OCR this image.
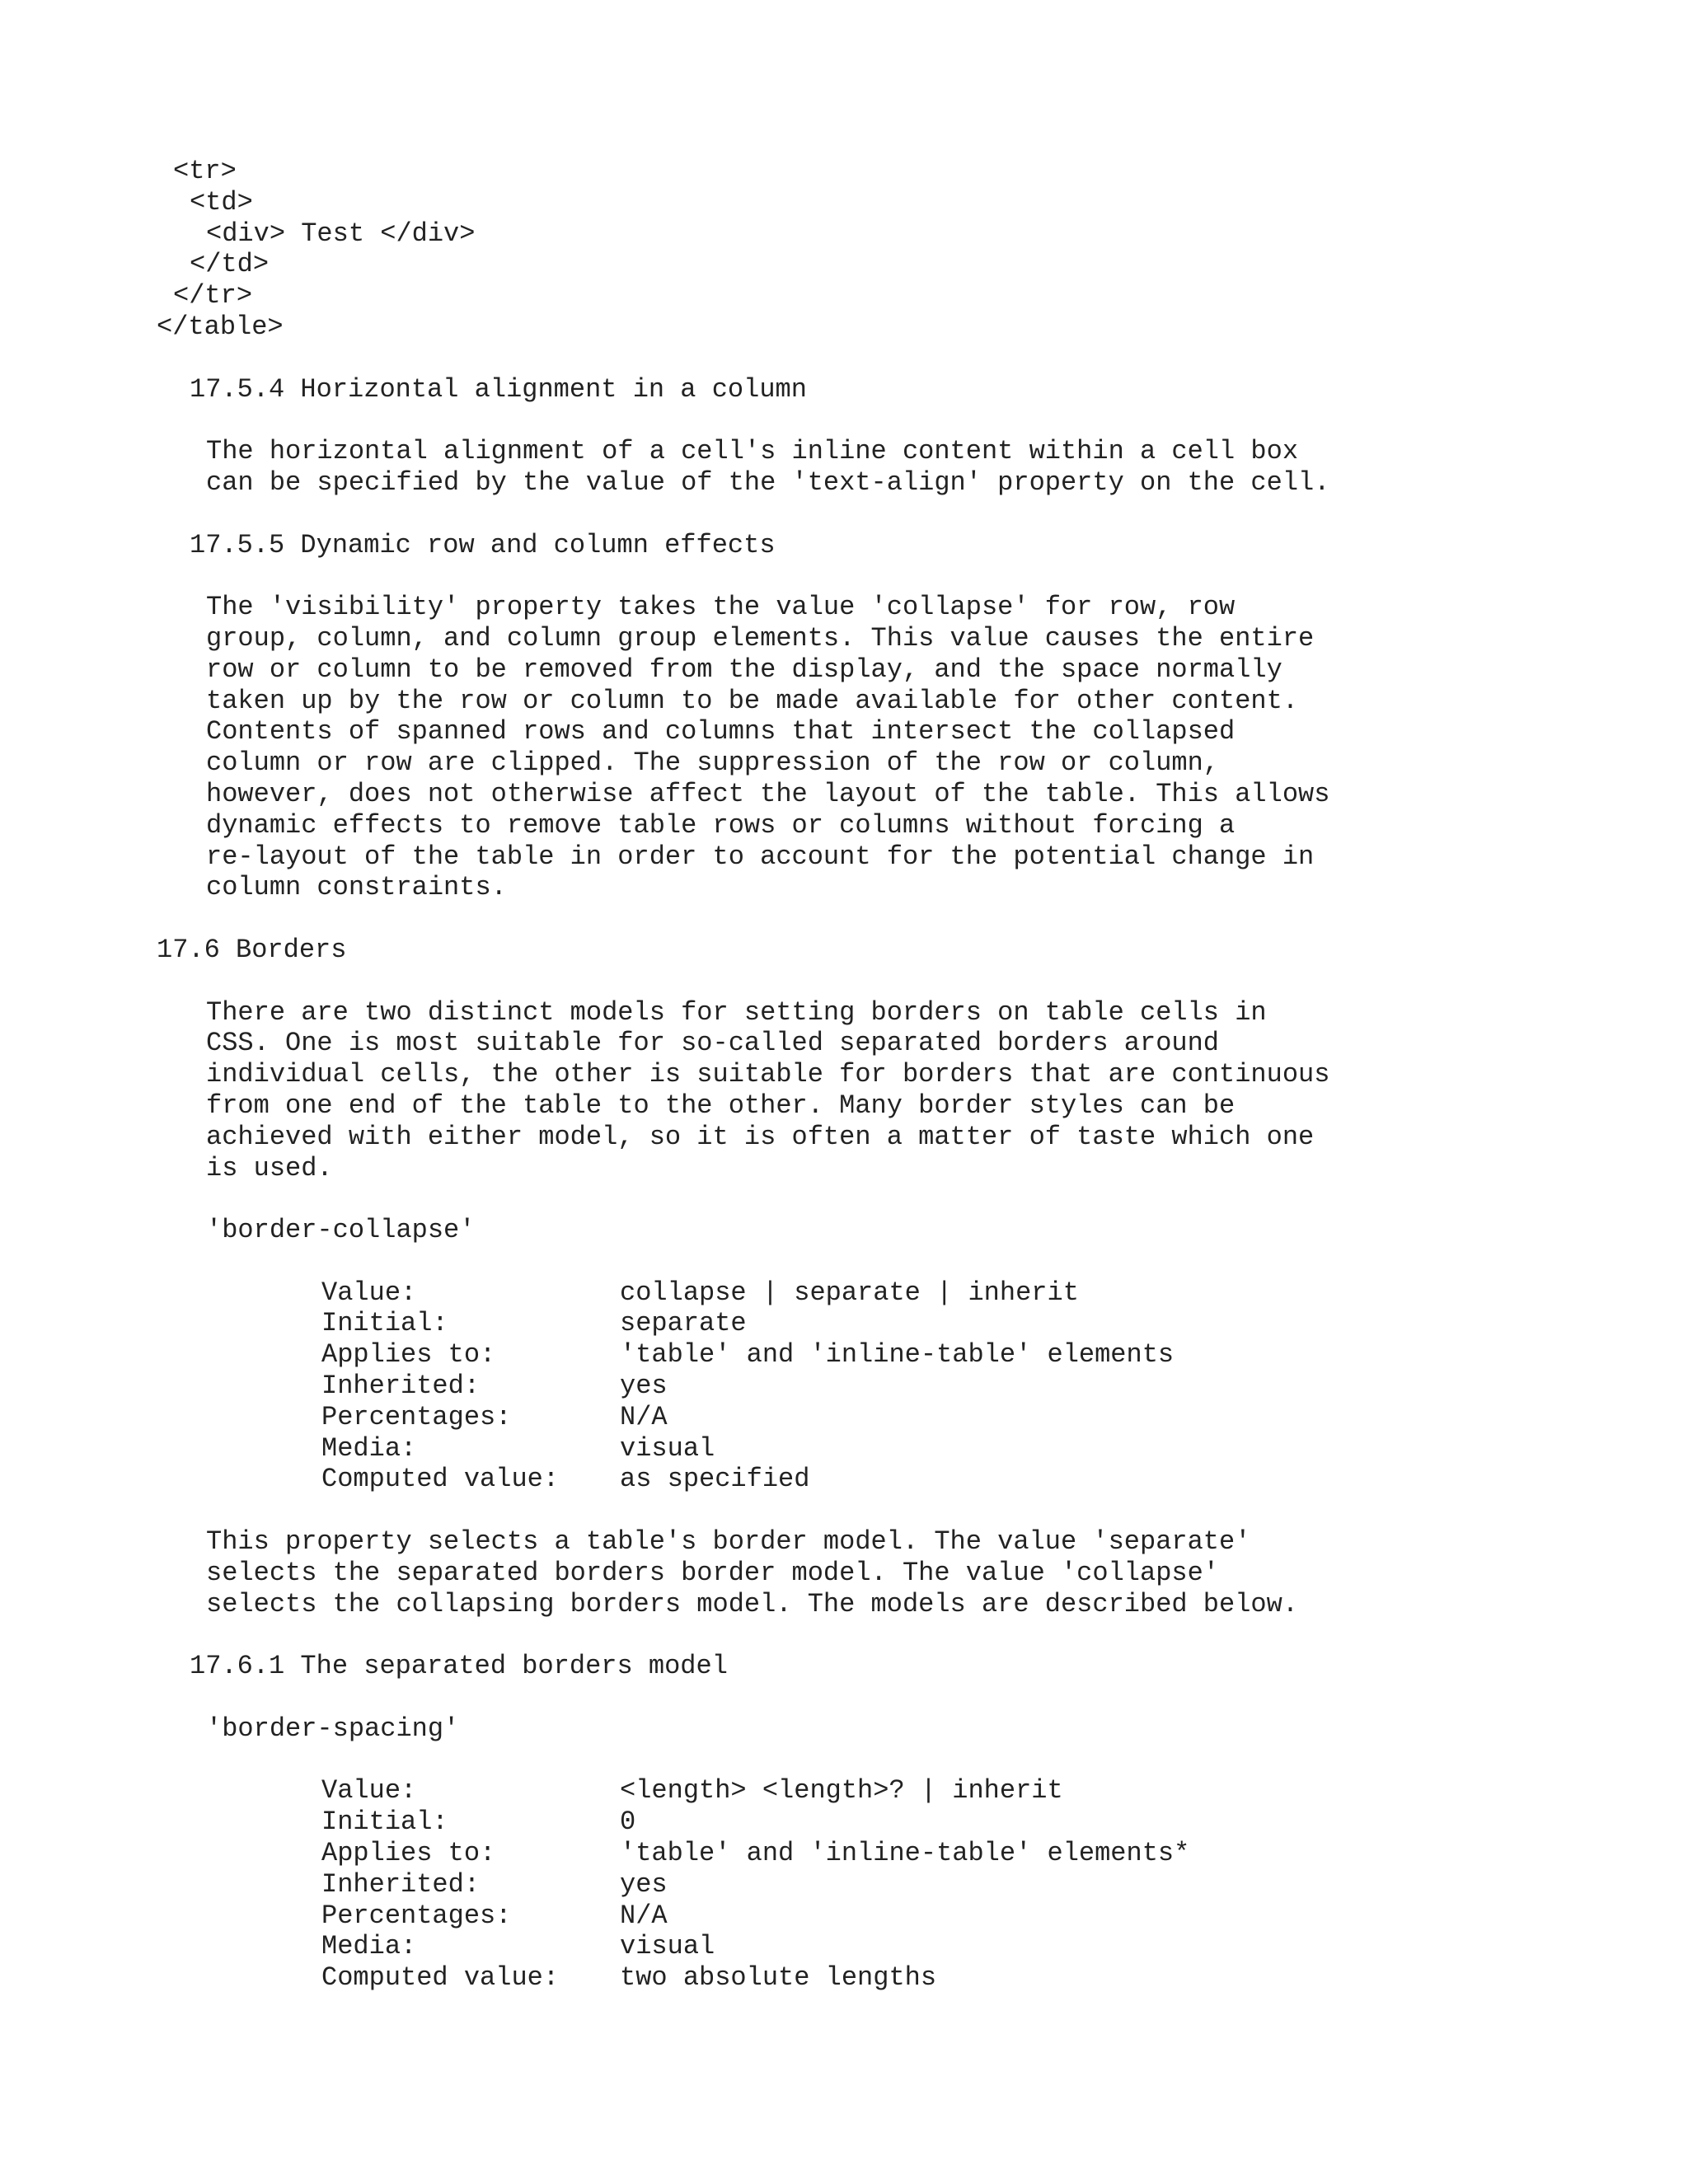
<tr>
<td>
<div> Test </div>
</td>
</tr>
</table>
17.5.4 Horizontal alignment in a column
The horizontal alignment of a cell's inline content within a cell box
can be specified by the value of the 'text-align' property on the cell.
17.5.5 Dynamic row and column effects
The 'visibility' property takes the value 'collapse' for row, row
group, column, and column group elements. This value causes the entire
row or column to be removed from the display, and the space normally
taken up by the row or column to be made available for other content.
Contents of spanned rows and columns that intersect the collapsed
column or row are clipped. The suppression of the row or column,
however, does not otherwise affect the layout of the table. This allows
dynamic effects to remove table rows or columns without forcing a
re-layout of the table in order to account for the potential change in
column constraints.
17.6 Borders
There are two distinct models for setting borders on table cells in
CSS. One is most suitable for so-called separated borders around
individual cells, the other is suitable for borders that are continuous
from one end of the table to the other. Many border styles can be
achieved with either model, so it is often a matter of taste which one
is used.
'border-collapse'
Value:	collapse | separate | inherit
Initial:	separate
Applies to:	'table' and 'inline-table' elements
Inherited:	yes
Percentages:	N/A
Media:	visual
Computed value: as specified
This property selects a table's border model. The value 'separate'
selects the separated borders border model. The value 'collapse'
selects the collapsing borders model. The models are described below.
17.6.1 The separated borders model
'border-spacing'
Value:	<length> <length>? | inherit
Initial:	0
Applies to:	'table' and 'inline-table' elements*
Inherited:	yes
Percentages:	N/A
Media:	visual
Computed value: two absolute lengths
